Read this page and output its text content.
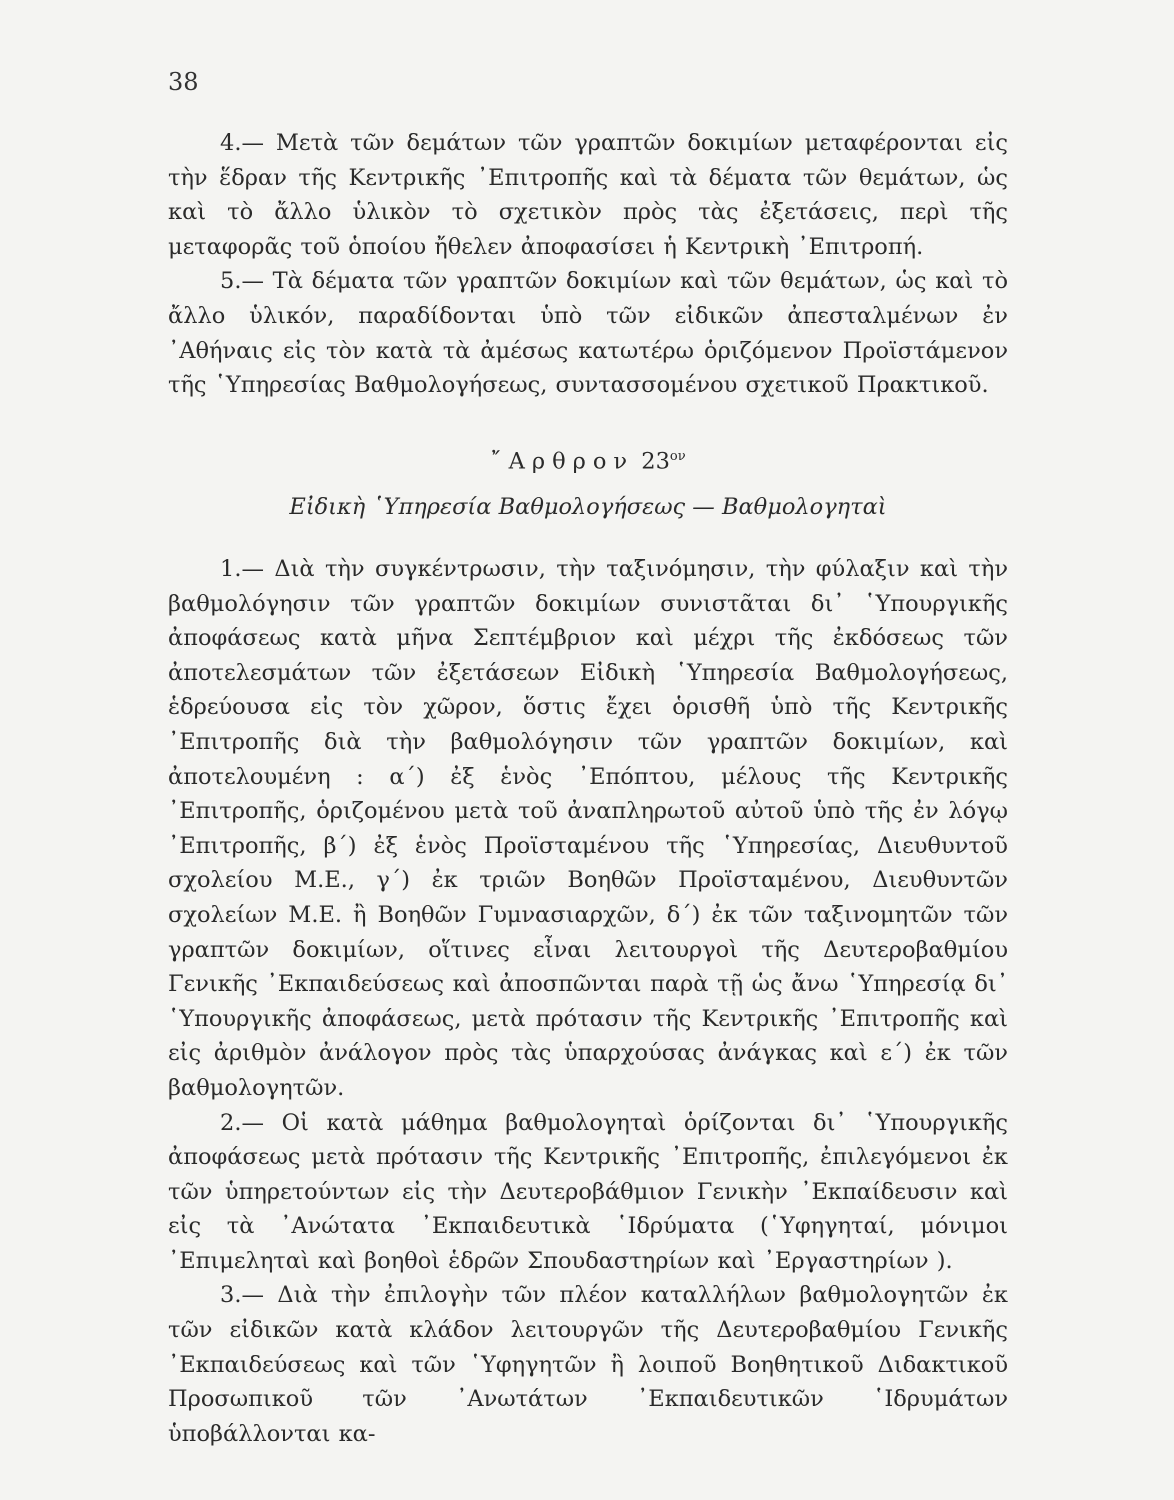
38

4.— Μετὰ τῶν δεμάτων τῶν γραπτῶν δοκιμίων μεταφέρονται εἰς τὴν ἕδραν τῆς Κεντρικῆς ᾿Επιτροπῆς καὶ τὰ δέματα τῶν θεμάτων, ὡς καὶ τὸ ἄλλο ὑλικὸν τὸ σχετικὸν πρὸς τὰς ἐξετάσεις, περὶ τῆς μεταφορᾶς τοῦ ὁποίου ἤθελεν ἀποφασίσει ἡ Κεντρικὴ ᾿Επιτροπή.

5.— Τὰ δέματα τῶν γραπτῶν δοκιμίων καὶ τῶν θεμάτων, ὡς καὶ τὸ ἄλλο ὑλικόν, παραδίδονται ὑπὸ τῶν εἰδικῶν ἀπεσταλμένων ἐν ᾿Αθήναις εἰς τὸν κατὰ τὰ ἀμέσως κατωτέρω ὁριζόμενον Προϊστάμενον τῆς ῾Υπηρεσίας Βαθμολογήσεως, συντασσομένου σχετικοῦ Πρακτικοῦ.

῎Αρθρον $23^{o\nu}$
Εἰδικὴ ῾Υπηρεσία Βαθμολογήσεως — Βαθμολογηταὶ

1.— Διὰ τὴν συγκέντρωσιν, τὴν ταξινόμησιν, τὴν φύλαξιν καὶ τὴν βαθμολόγησιν τῶν γραπτῶν δοκιμίων συνιστᾶται δι᾿ ῾Υπουργικῆς ἀποφάσεως κατὰ μῆνα Σεπτέμβριον καὶ μέχρι τῆς ἐκδόσεως τῶν ἀποτελεσμάτων τῶν ἐξετάσεων Εἰδικὴ ῾Υπηρεσία Βαθμολογήσεως, ἑδρεύουσα εἰς τὸν χῶρον, ὅστις ἔχει ὁρισθῆ ὑπὸ τῆς Κεντρικῆς ᾿Επιτροπῆς διὰ τὴν βαθμολόγησιν τῶν γραπτῶν δοκιμίων, καὶ ἀποτελουμένη : α΄) ἐξ ἑνὸς ᾿Επόπτου, μέλους τῆς Κεντρικῆς ᾿Επιτροπῆς, ὁριζομένου μετὰ τοῦ ἀναπληρωτοῦ αὐτοῦ ὑπὸ τῆς ἐν λόγῳ ᾿Επιτροπῆς, β΄) ἐξ ἑνὸς Προϊσταμένου τῆς ῾Υπηρεσίας, Διευθυντοῦ σχολείου Μ.Ε., γ΄) ἐκ τριῶν Βοηθῶν Προϊσταμένου, Διευθυντῶν σχολείων Μ.Ε. ἢ Βοηθῶν Γυμνασιαρχῶν, δ΄) ἐκ τῶν ταξινομητῶν τῶν γραπτῶν δοκιμίων, οἵτινες εἶναι λειτουργοὶ τῆς Δευτεροβαθμίου Γενικῆς ᾿Εκπαιδεύσεως καὶ ἀποσπῶνται παρὰ τῇ ὡς ἄνω ῾Υπηρεσίᾳ δι᾿ ῾Υπουργικῆς ἀποφάσεως, μετὰ πρότασιν τῆς Κεντρικῆς ᾿Επιτροπῆς καὶ εἰς ἀριθμὸν ἀνάλογον πρὸς τὰς ὑπαρχούσας ἀνάγκας καὶ ε΄) ἐκ τῶν βαθμολογητῶν.

2.— Οἱ κατὰ μάθημα βαθμολογηταὶ ὁρίζονται δι᾿ ῾Υπουργικῆς ἀποφάσεως μετὰ πρότασιν τῆς Κεντρικῆς ᾿Επιτροπῆς, ἐπιλεγόμενοι ἐκ τῶν ὑπηρετούντων εἰς τὴν Δευτεροβάθμιον Γενικὴν ᾿Εκπαίδευσιν καὶ εἰς τὰ ᾿Ανώτατα ᾿Εκπαιδευτικὰ ῾Ιδρύματα (῾Υφηγηταί, μόνιμοι ᾿Επιμεληταὶ καὶ βοηθοὶ ἑδρῶν Σπουδαστηρίων καὶ ᾿Εργαστηρίων ).

3.— Διὰ τὴν ἐπιλογὴν τῶν πλέον καταλλήλων βαθμολογητῶν ἐκ τῶν εἰδικῶν κατὰ κλάδον λειτουργῶν τῆς Δευτεροβαθμίου Γενικῆς ᾿Εκπαιδεύσεως καὶ τῶν ῾Υφηγητῶν ἢ λοιποῦ Βοηθητικοῦ Διδακτικοῦ Προσωπικοῦ τῶν ᾿Ανωτάτων ᾿Εκπαιδευτικῶν ῾Ιδρυμάτων ὑποβάλλονται κα-
